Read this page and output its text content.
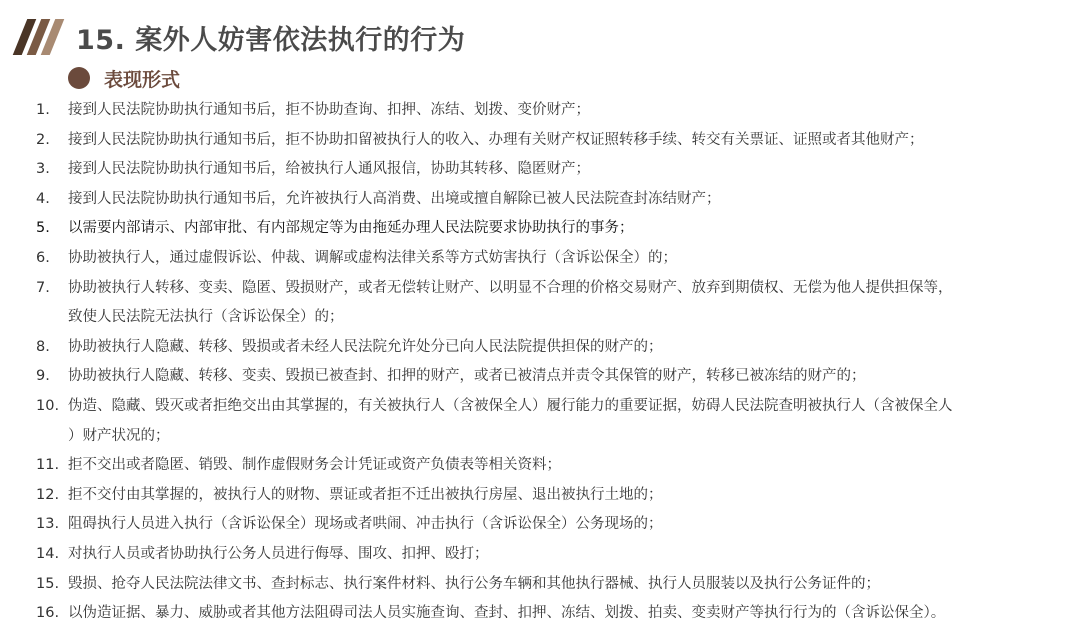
15. 案外人妨害依法执行的行为
表现形式
1.	接到人民法院协助执行通知书后，拒不协助查询、扣押、冻结、划拨、变价财产；
2.	接到人民法院协助执行通知书后，拒不协助扣留被执行人的收入、办理有关财产权证照转移手续、转交有关票证、证照或者其他财产；
3.	接到人民法院协助执行通知书后，给被执行人通风报信，协助其转移、隐匿财产；
4.	接到人民法院协助执行通知书后，允许被执行人高消费、出境或擅自解除已被人民法院查封冻结财产；
5.	以需要内部请示、内部审批、有内部规定等为由拖延办理人民法院要求协助执行的事务；
6.	协助被执行人，通过虚假诉讼、仲裁、调解或虚构法律关系等方式妨害执行（含诉讼保全）的；
7.	协助被执行人转移、变卖、隐匿、毁损财产，或者无偿转让财产、以明显不合理的价格交易财产、放弃到期债权、无偿为他人提供担保等，
致使人民法院无法执行（含诉讼保全）的；
8.	协助被执行人隐藏、转移、毁损或者未经人民法院允许处分已向人民法院提供担保的财产的；
9.	协助被执行人隐藏、转移、变卖、毁损已被查封、扣押的财产，或者已被清点并责令其保管的财产，转移已被冻结的财产的；
10. 伪造、隐藏、毁灭或者拒绝交出由其掌握的，有关被执行人（含被保全人）履行能力的重要证据，妨碍人民法院查明被执行人（含被保全人
）财产状况的；
11. 拒不交出或者隐匿、销毁、制作虚假财务会计凭证或资产负债表等相关资料；
12. 拒不交付由其掌握的，被执行人的财物、票证或者拒不迁出被执行房屋、退出被执行土地的；
13. 阻碍执行人员进入执行（含诉讼保全）现场或者哄闹、冲击执行（含诉讼保全）公务现场的；
14. 对执行人员或者协助执行公务人员进行侮辱、围攻、扣押、殴打；
15. 毁损、抢夺人民法院法律文书、查封标志、执行案件材料、执行公务车辆和其他执行器械、执行人员服装以及执行公务证件的；
16. 以伪造证据、暴力、威胁或者其他方法阻碍司法人员实施查询、查封、扣押、冻结、划拨、拍卖、变卖财产等执行行为的（含诉讼保全）。
